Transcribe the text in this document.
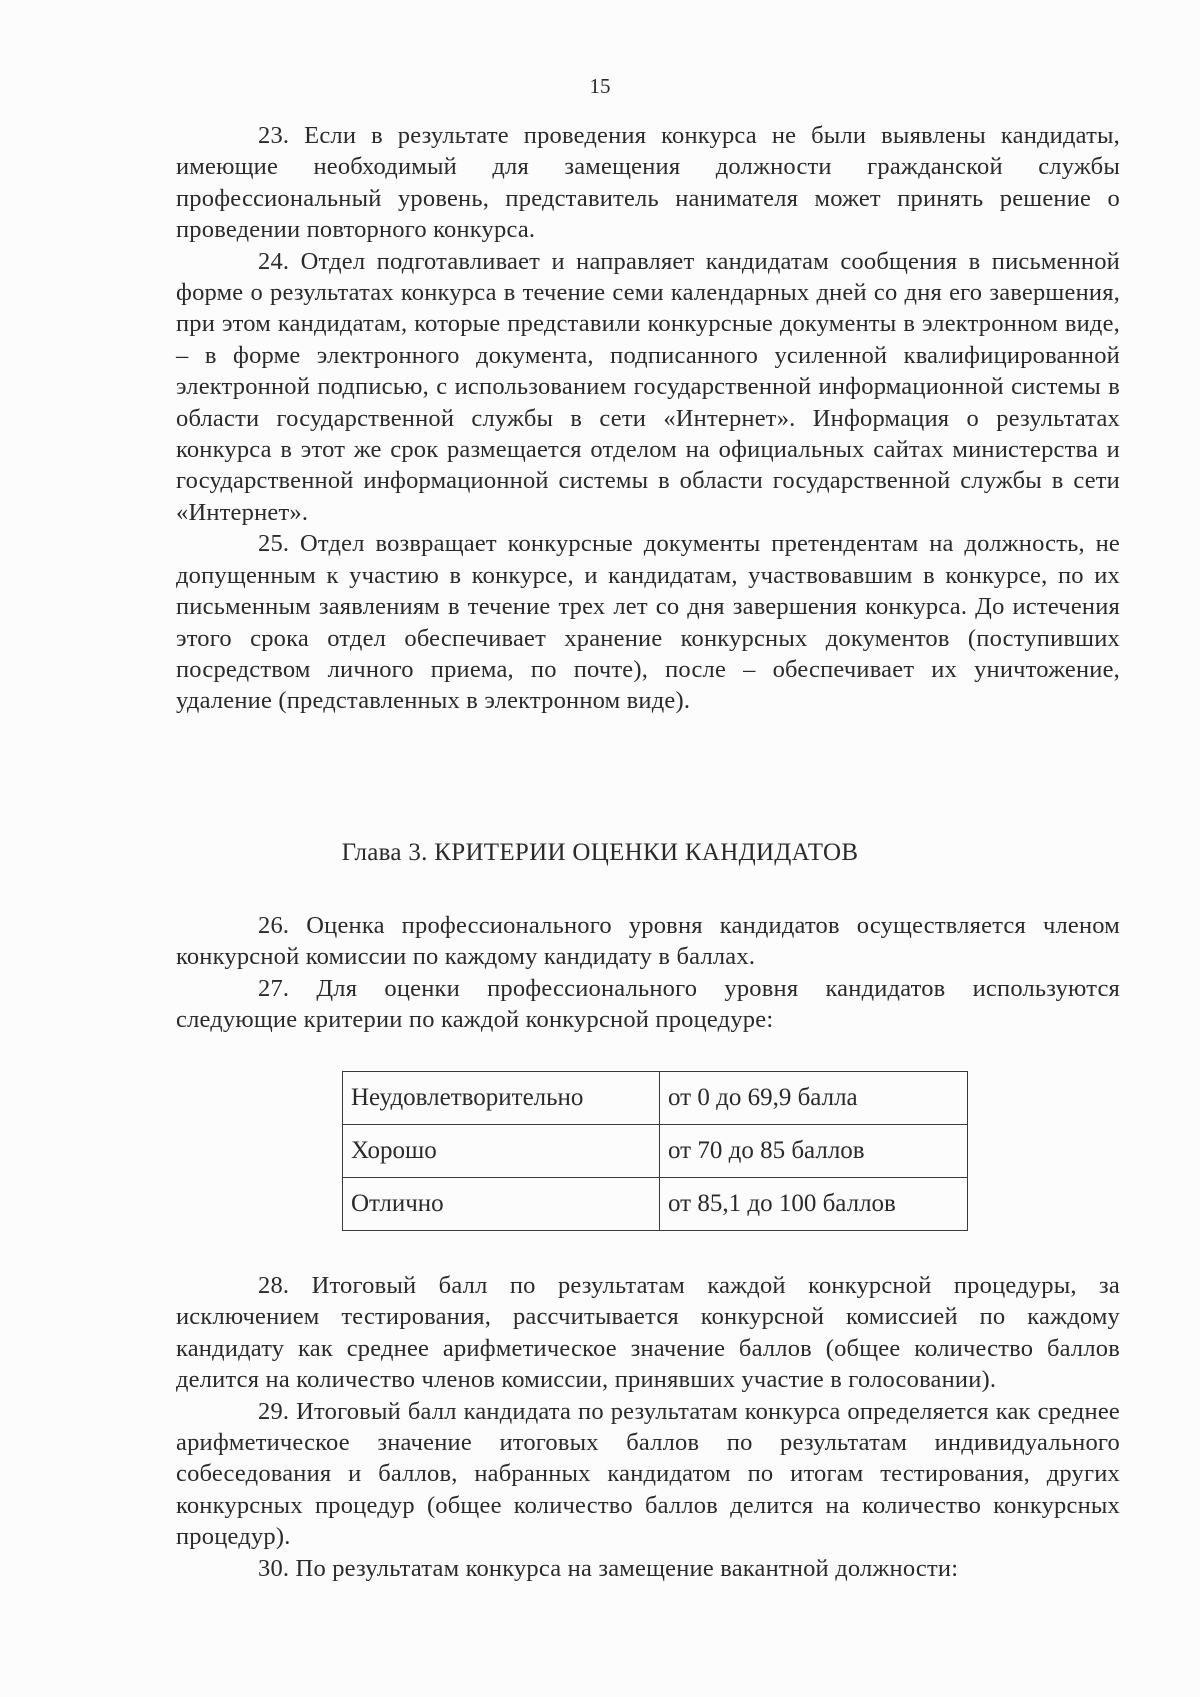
15

23. Если в результате проведения конкурса не были выявлены кандидаты, имеющие необходимый для замещения должности гражданской службы профессиональный уровень, представитель нанимателя может принять решение о проведении повторного конкурса.

24. Отдел подготавливает и направляет кандидатам сообщения в письменной форме о результатах конкурса в течение семи календарных дней со дня его завершения, при этом кандидатам, которые представили конкурсные документы в электронном виде, – в форме электронного документа, подписанного усиленной квалифицированной электронной подписью, с использованием государственной информационной системы в области государственной службы в сети «Интернет». Информация о результатах конкурса в этот же срок размещается отделом на официальных сайтах министерства и государственной информационной системы в области государственной службы в сети «Интернет».

25. Отдел возвращает конкурсные документы претендентам на должность, не допущенным к участию в конкурсе, и кандидатам, участвовавшим в конкурсе, по их письменным заявлениям в течение трех лет со дня завершения конкурса. До истечения этого срока отдел обеспечивает хранение конкурсных документов (поступивших посредством личного приема, по почте), после – обеспечивает их уничтожение, удаление (представленных в электронном виде).

Глава 3. КРИТЕРИИ ОЦЕНКИ КАНДИДАТОВ

26. Оценка профессионального уровня кандидатов осуществляется членом конкурсной комиссии по каждому кандидату в баллах.

27. Для оценки профессионального уровня кандидатов используются следующие критерии по каждой конкурсной процедуре:

Неудовлетворительно	от 0 до 69,9 балла
Хорошо	от 70 до 85 баллов
Отлично	от 85,1 до 100 баллов

28. Итоговый балл по результатам каждой конкурсной процедуры, за исключением тестирования, рассчитывается конкурсной комиссией по каждому кандидату как среднее арифметическое значение баллов (общее количество баллов делится на количество членов комиссии, принявших участие в голосовании).

29. Итоговый балл кандидата по результатам конкурса определяется как среднее арифметическое значение итоговых баллов по результатам индивидуального собеседования и баллов, набранных кандидатом по итогам тестирования, других конкурсных процедур (общее количество баллов делится на количество конкурсных процедур).

30. По результатам конкурса на замещение вакантной должности:
